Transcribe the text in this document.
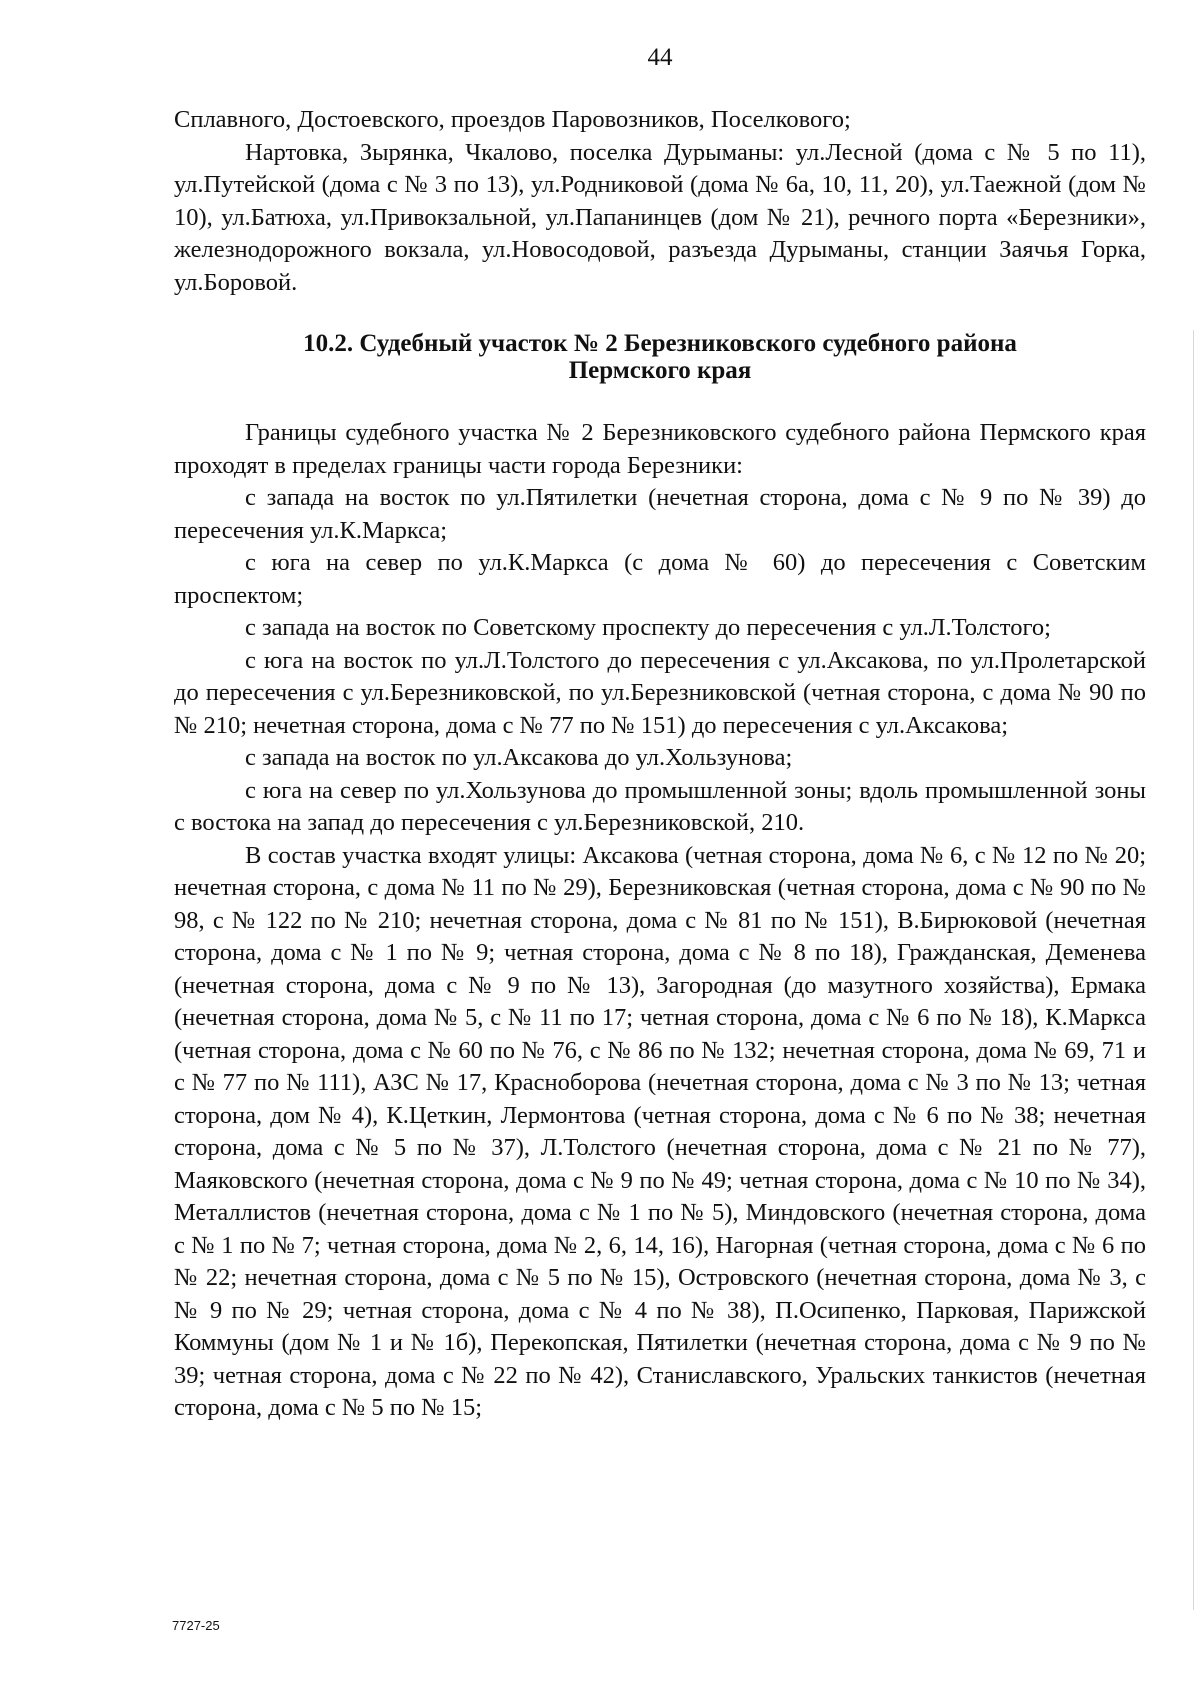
44

Сплавного, Достоевского, проездов Паровозников, Поселкового;

Нартовка, Зырянка, Чкалово, поселка Дурыманы: ул.Лесной (дома с № 5 по 11), ул.Путейской (дома с № 3 по 13), ул.Родниковой (дома № 6а, 10, 11, 20), ул.Таежной (дом № 10), ул.Батюха, ул.Привокзальной, ул.Папанинцев (дом № 21), речного порта «Березники», железнодорожного вокзала, ул.Новосодовой, разъезда Дурыманы, станции Заячья Горка, ул.Боровой.

10.2. Судебный участок № 2 Березниковского судебного района
Пермского края

Границы судебного участка № 2 Березниковского судебного района Пермского края проходят в пределах границы части города Березники:

с запада на восток по ул.Пятилетки (нечетная сторона, дома с № 9 по № 39) до пересечения ул.К.Маркса;

с юга на север по ул.К.Маркса (с дома № 60) до пересечения с Советским проспектом;

с запада на восток по Советскому проспекту до пересечения с ул.Л.Толстого;

с юга на восток по ул.Л.Толстого до пересечения с ул.Аксакова, по ул.Пролетарской до пересечения с ул.Березниковской, по ул.Березниковской (четная сторона, с дома № 90 по № 210; нечетная сторона, дома с № 77 по № 151) до пересечения с ул.Аксакова;

с запада на восток по ул.Аксакова до ул.Хользунова;

с юга на север по ул.Хользунова до промышленной зоны; вдоль промышленной зоны с востока на запад до пересечения с ул.Березниковской, 210.

В состав участка входят улицы: Аксакова (четная сторона, дома № 6, с № 12 по № 20; нечетная сторона, с дома № 11 по № 29), Березниковская (четная сторона, дома с № 90 по № 98, с № 122 по № 210; нечетная сторона, дома с № 81 по № 151), В.Бирюковой (нечетная сторона, дома с № 1 по № 9; четная сторона, дома с № 8 по 18), Гражданская, Деменева (нечетная сторона, дома с № 9 по № 13), Загородная (до мазутного хозяйства), Ермака (нечетная сторона, дома № 5, с № 11 по 17; четная сторона, дома с № 6 по № 18), К.Маркса (четная сторона, дома с № 60 по № 76, с № 86 по № 132; нечетная сторона, дома № 69, 71 и с № 77 по № 111), АЗС № 17, Красноборова (нечетная сторона, дома с № 3 по № 13; четная сторона, дом № 4), К.Цеткин, Лермонтова (четная сторона, дома с № 6 по № 38; нечетная сторона, дома с № 5 по № 37), Л.Толстого (нечетная сторона, дома с № 21 по № 77), Маяковского (нечетная сторона, дома с № 9 по № 49; четная сторона, дома с № 10 по № 34), Металлистов (нечетная сторона, дома с № 1 по № 5), Миндовского (нечетная сторона, дома с № 1 по № 7; четная сторона, дома № 2, 6, 14, 16), Нагорная (четная сторона, дома с № 6 по № 22; нечетная сторона, дома с № 5 по № 15), Островского (нечетная сторона, дома № 3, с № 9 по № 29; четная сторона, дома с № 4 по № 38), П.Осипенко, Парковая, Парижской Коммуны (дом № 1 и № 1б), Перекопская, Пятилетки (нечетная сторона, дома с № 9 по № 39; четная сторона, дома с № 22 по № 42), Станиславского, Уральских танкистов (нечетная сторона, дома с № 5 по № 15;

7727-25
